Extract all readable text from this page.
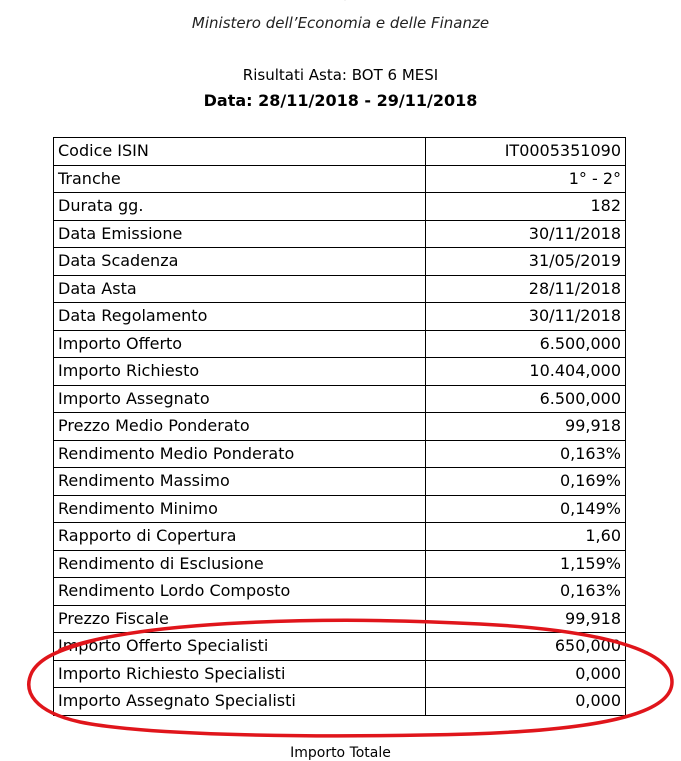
Ministero dell’Economia e delle Finanze
Risultati Asta: BOT 6 MESI
Data: 28/11/2018 - 29/11/2018
Codice ISIN	IT0005351090
Tranche	1° - 2°
Durata gg.	182
Data Emissione	30/11/2018
Data Scadenza	31/05/2019
Data Asta	28/11/2018
Data Regolamento	30/11/2018
Importo Offerto	6.500,000
Importo Richiesto	10.404,000
Importo Assegnato	6.500,000
Prezzo Medio Ponderato	99,918
Rendimento Medio Ponderato	0,163%
Rendimento Massimo	0,169%
Rendimento Minimo	0,149%
Rapporto di Copertura	1,60
Rendimento di Esclusione	1,159%
Rendimento Lordo Composto	0,163%
Prezzo Fiscale	99,918
Importo Offerto Specialisti	650,000
Importo Richiesto Specialisti	0,000
Importo Assegnato Specialisti	0,000
Importo Totale
